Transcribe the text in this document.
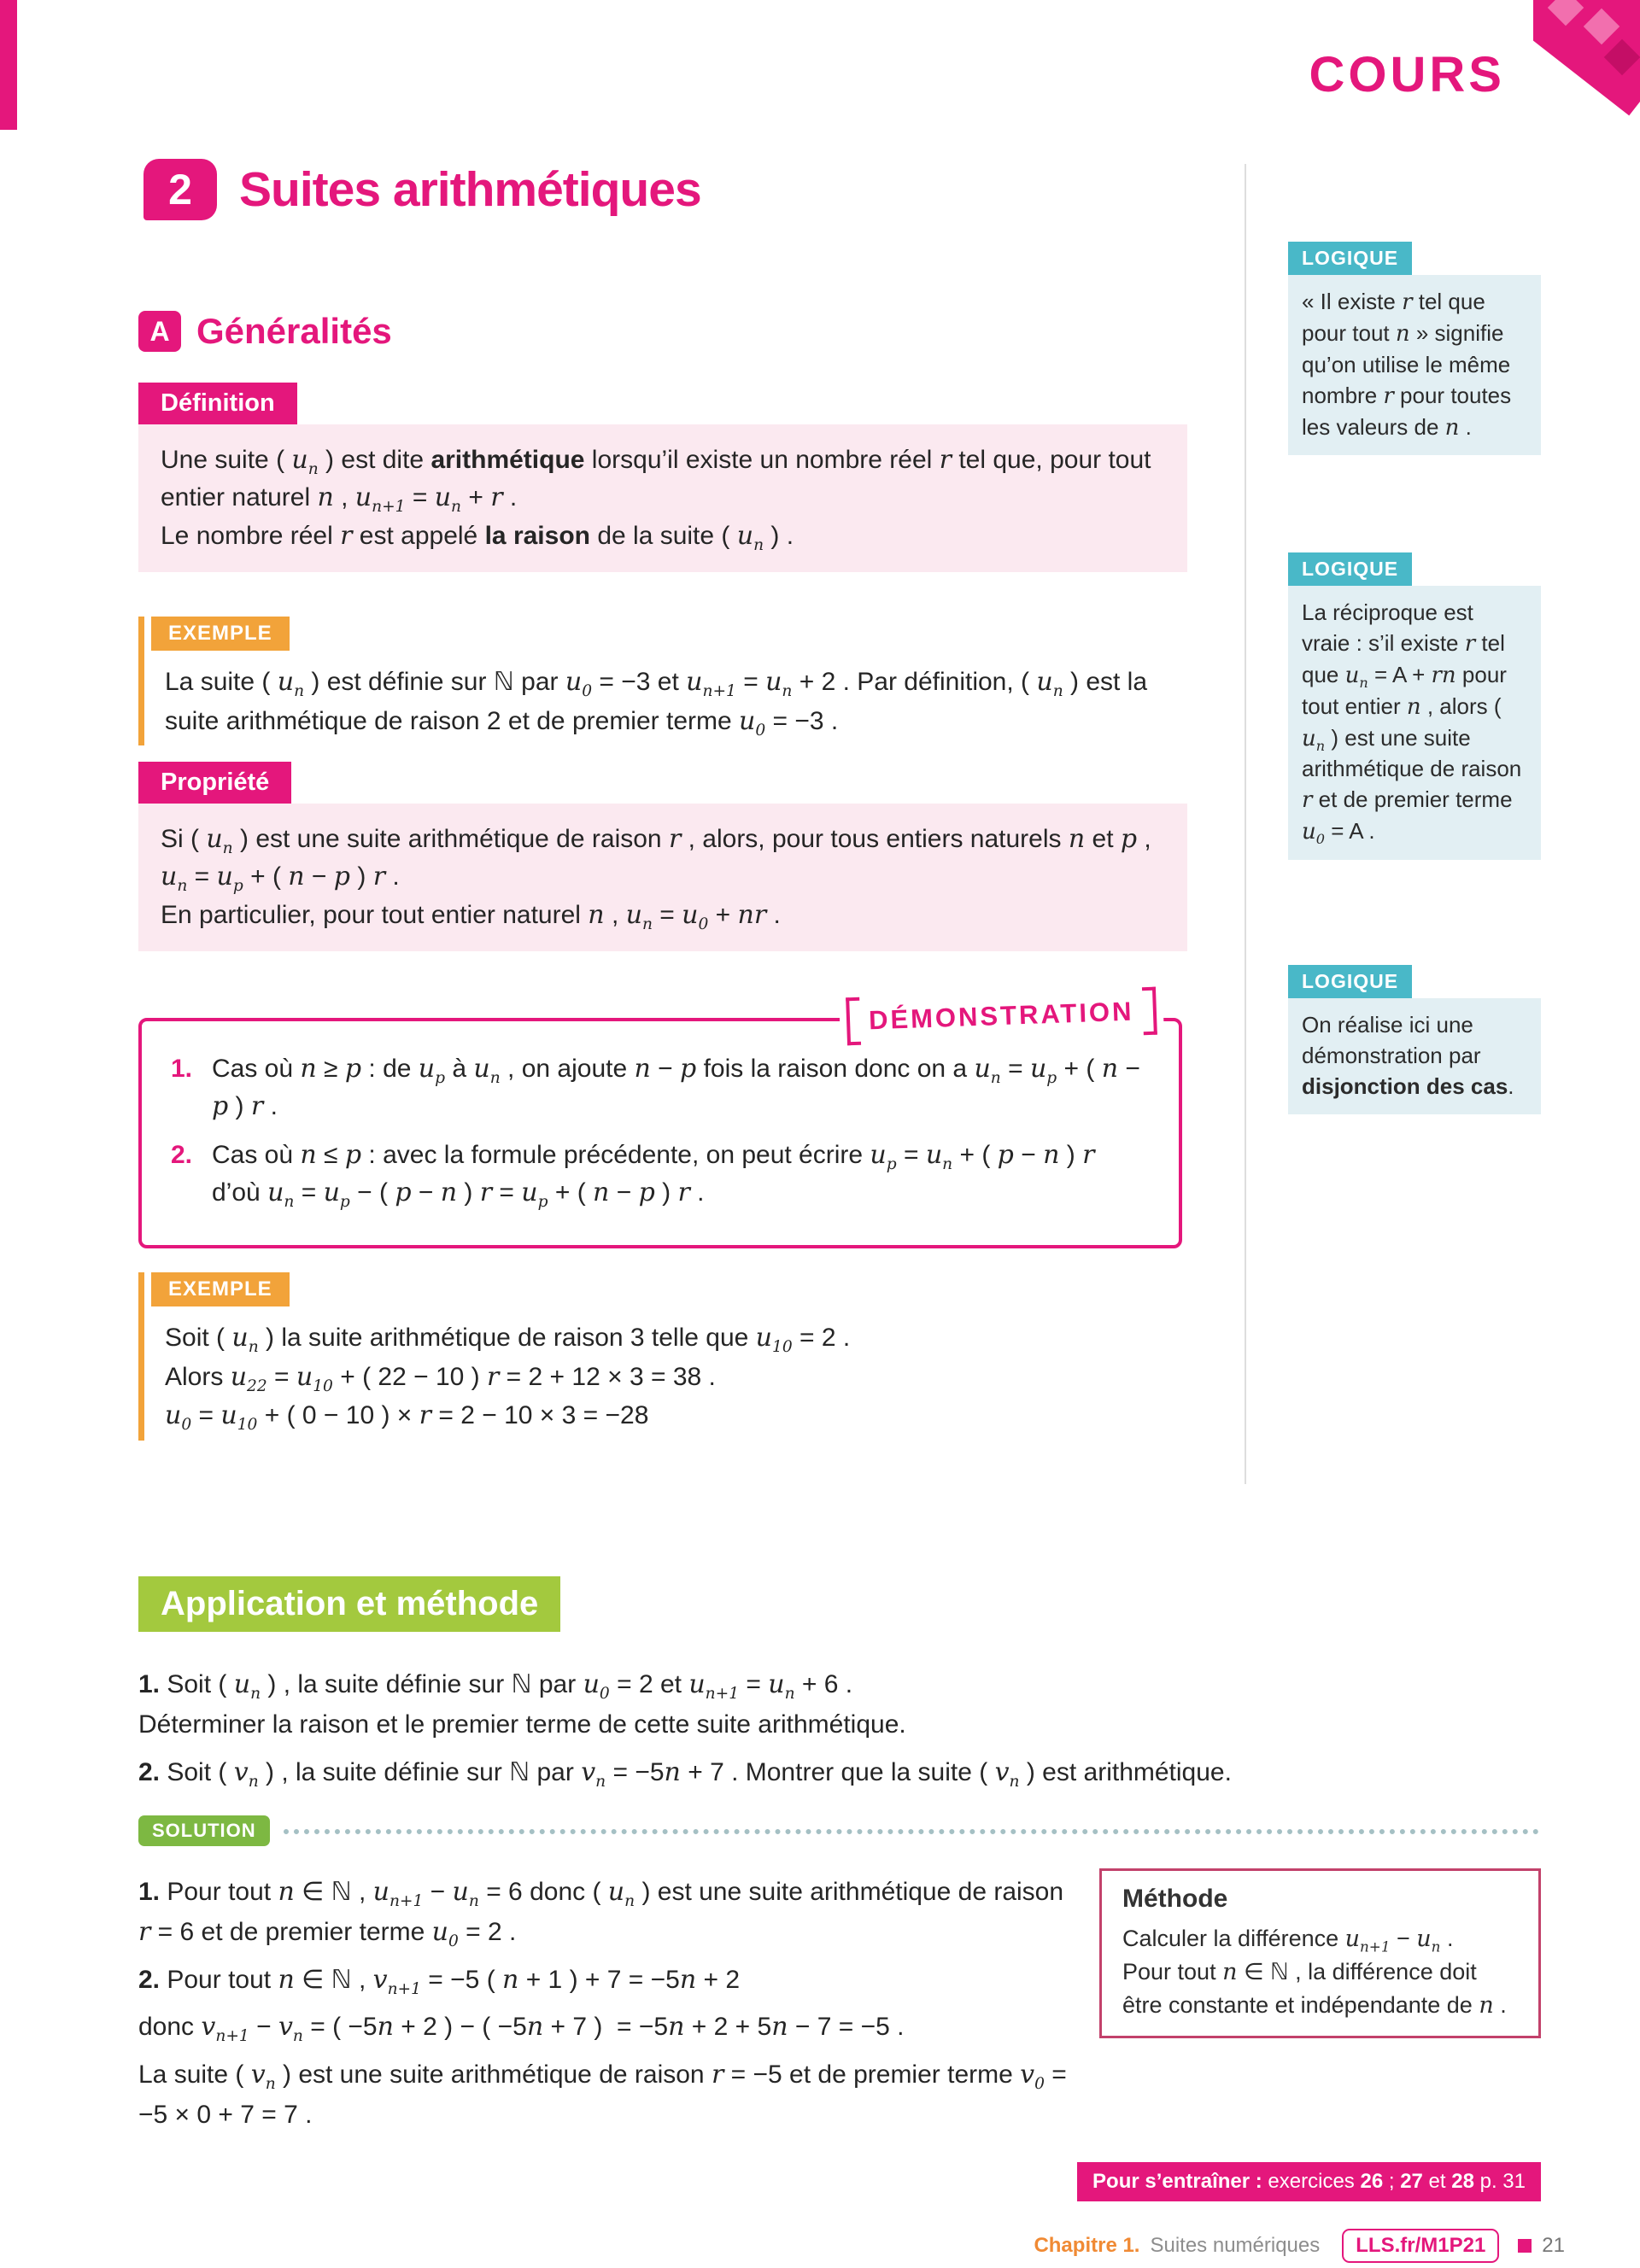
COURS
2 Suites arithmétiques
A Généralités
Définition
Une suite ( $u_n$ ) est dite arithmétique lorsqu’il existe un nombre réel r tel que, pour tout entier naturel n , $u_{n+1} = u_n + r$ .
Le nombre réel r est appelé la raison de la suite ( $u_n$ ) .
EXEMPLE
La suite ( $u_n$ ) est définie sur ℕ par $u_0 = -3$ et $u_{n+1} = u_n + 2$ . Par définition, ( $u_n$ ) est la suite arithmétique de raison 2 et de premier terme $u_0 = -3$ .
Propriété
Si ( $u_n$ ) est une suite arithmétique de raison r , alors, pour tous entiers naturels n et p , $u_n = u_p$ + ( n − p ) r .
En particulier, pour tout entier naturel n , $u_n = u_0$ + nr .
DÉMONSTRATION
1. Cas où n ≥ p : de $u_p$ à $u_n$ , on ajoute n − p fois la raison donc on a $u_n = u_p$ + ( n − p ) r .
2. Cas où n ≤ p : avec la formule précédente, on peut écrire $u_p = u_n$ + ( p − n ) r d’où $u_n = u_p$ − ( p − n ) $r = u_p$ + ( n − p ) r .
EXEMPLE
Soit ( $u_n$ ) la suite arithmétique de raison 3 telle que $u_{10} = 2$ .
Alors $u_{22} = u_{10}$ + ( 22 − 10 ) r = 2 + 12 × 3 = 38 .
$u_0 = u_{10}$ + ( 0 − 10 ) × r = 2 − 10 × 3 = −28
LOGIQUE
« Il existe r tel que pour tout n » signifie qu’on utilise le même nombre r pour toutes les valeurs de n .
LOGIQUE
La réciproque est vraie : s’il existe r tel que $u_n = A$ + rn pour tout entier n , alors ( $u_n$ ) est une suite arithmétique de raison r et de premier terme $u_0 = A$ .
LOGIQUE
On réalise ici une démonstration par disjonction des cas.
Application et méthode
1. Soit ( $u_n$ ) , la suite définie sur ℕ par $u_0 = 2$ et $u_{n+1} = u_n + 6$ .
Déterminer la raison et le premier terme de cette suite arithmétique.
2. Soit ( $v_n$ ) , la suite définie sur ℕ par $v_n = -5n + 7$ . Montrer que la suite ( $v_n$ ) est arithmétique.
SOLUTION
1. Pour tout n ∈ ℕ , $u_{n+1} - u_n = 6$ donc ( $u_n$ ) est une suite arithmétique de raison r = 6 et de premier terme $u_0 = 2$ .
2. Pour tout n ∈ ℕ , $v_{n+1} = -5$ ( n + 1 ) + 7 = −5n + 2
donc $v_{n+1} - v_n$ = ( −5n + 2 ) − ( −5n + 7 )  = −5n + 2 + 5n − 7 = −5 .
La suite ( $v_n$ ) est une suite arithmétique de raison r = −5 et de premier terme $v_0 = -5 \times 0 + 7 = 7$ .
Méthode
Calculer la différence $u_{n+1} - u_n$ .
Pour tout n ∈ ℕ , la différence doit être constante et indépendante de n .
Pour s’entraîner : exercices 26 ; 27 et 28 p. 31
Chapitre 1. Suites numériques	LLS.fr/M1P21	21
